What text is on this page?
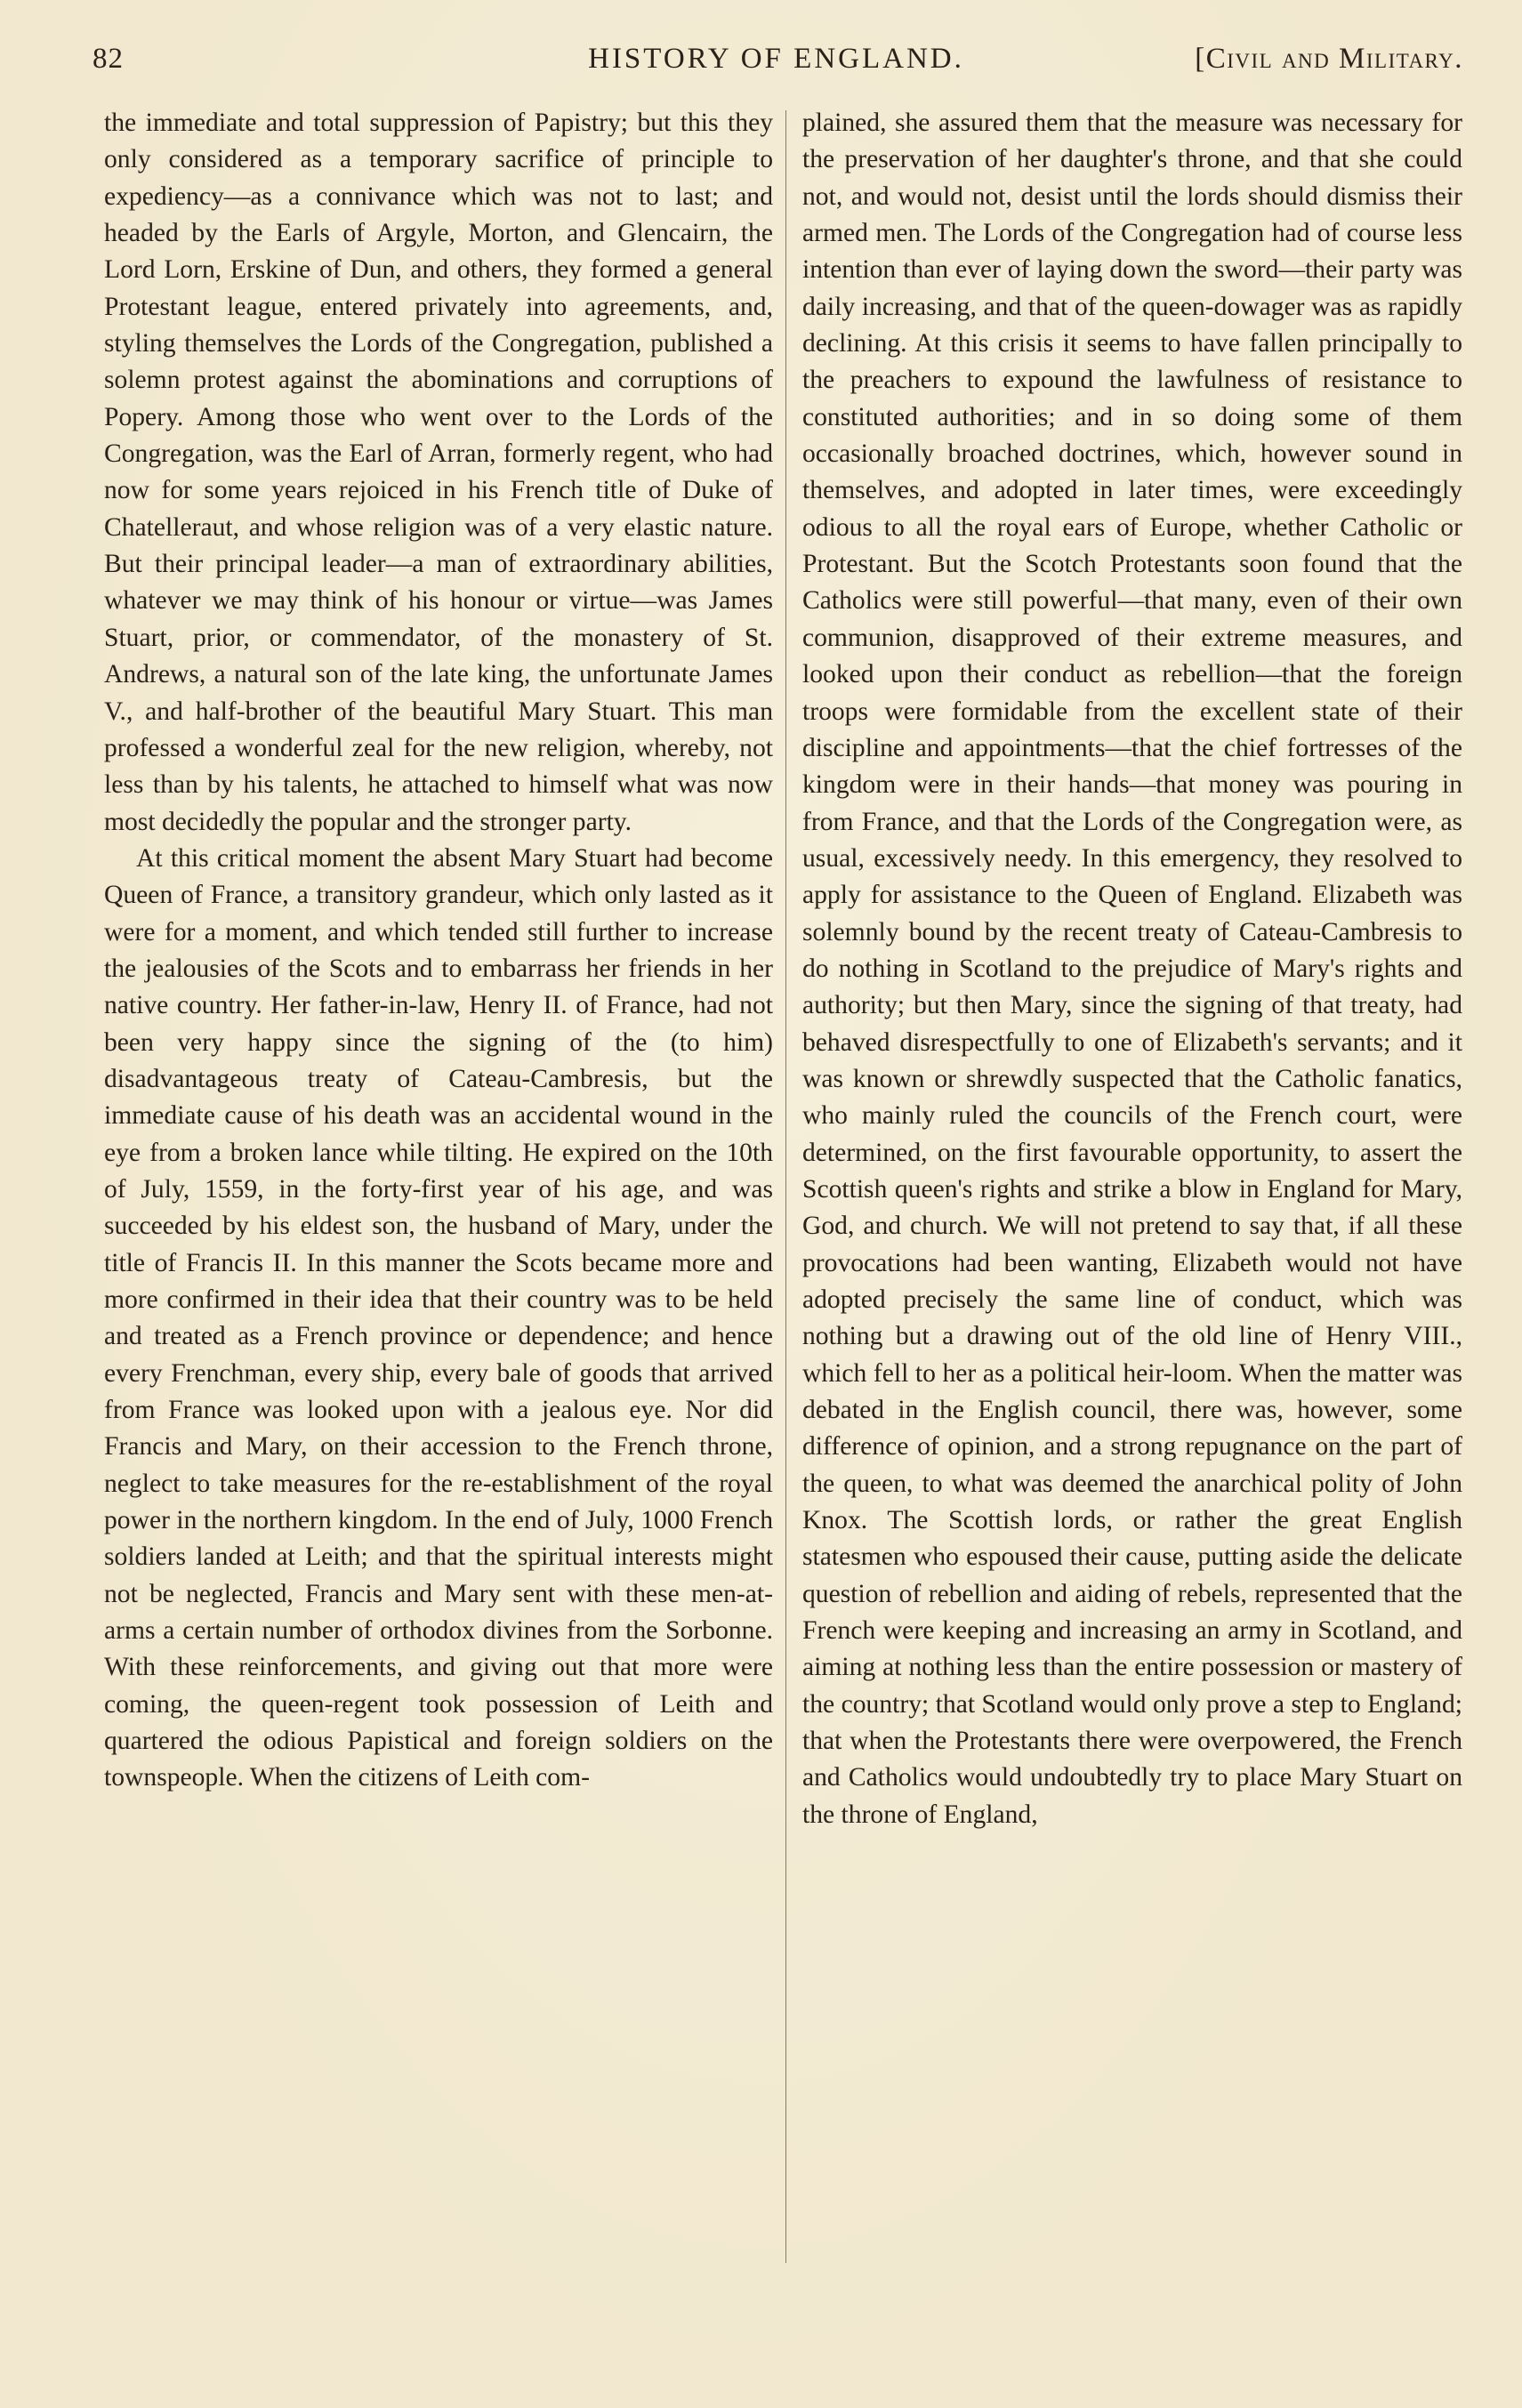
82	HISTORY OF ENGLAND.	[Civil and Military.

the immediate and total suppression of Papistry; but this they only considered as a temporary sacrifice of principle to expediency—as a connivance which was not to last; and headed by the Earls of Argyle, Morton, and Glencairn, the Lord Lorn, Erskine of Dun, and others, they formed a general Protestant league, entered privately into agreements, and, styling themselves the Lords of the Congregation, published a solemn protest against the abominations and corruptions of Popery. Among those who went over to the Lords of the Congregation, was the Earl of Arran, formerly regent, who had now for some years rejoiced in his French title of Duke of Chatelleraut, and whose religion was of a very elastic nature. But their principal leader—a man of extraordinary abilities, whatever we may think of his honour or virtue—was James Stuart, prior, or commendator, of the monastery of St. Andrews, a natural son of the late king, the unfortunate James V., and half-brother of the beautiful Mary Stuart. This man professed a wonderful zeal for the new religion, whereby, not less than by his talents, he attached to himself what was now most decidedly the popular and the stronger party.

At this critical moment the absent Mary Stuart had become Queen of France, a transitory grandeur, which only lasted as it were for a moment, and which tended still further to increase the jealousies of the Scots and to embarrass her friends in her native country. Her father-in-law, Henry II. of France, had not been very happy since the signing of the (to him) disadvantageous treaty of Cateau-Cambresis, but the immediate cause of his death was an accidental wound in the eye from a broken lance while tilting. He expired on the 10th of July, 1559, in the forty-first year of his age, and was succeeded by his eldest son, the husband of Mary, under the title of Francis II. In this manner the Scots became more and more confirmed in their idea that their country was to be held and treated as a French province or dependence; and hence every Frenchman, every ship, every bale of goods that arrived from France was looked upon with a jealous eye. Nor did Francis and Mary, on their accession to the French throne, neglect to take measures for the re-establishment of the royal power in the northern kingdom. In the end of July, 1000 French soldiers landed at Leith; and that the spiritual interests might not be neglected, Francis and Mary sent with these men-at-arms a certain number of orthodox divines from the Sorbonne. With these reinforcements, and giving out that more were coming, the queen-regent took possession of Leith and quartered the odious Papistical and foreign soldiers on the townspeople. When the citizens of Leith com-

plained, she assured them that the measure was necessary for the preservation of her daughter's throne, and that she could not, and would not, desist until the lords should dismiss their armed men. The Lords of the Congregation had of course less intention than ever of laying down the sword—their party was daily increasing, and that of the queen-dowager was as rapidly declining. At this crisis it seems to have fallen principally to the preachers to expound the lawfulness of resistance to constituted authorities; and in so doing some of them occasionally broached doctrines, which, however sound in themselves, and adopted in later times, were exceedingly odious to all the royal ears of Europe, whether Catholic or Protestant. But the Scotch Protestants soon found that the Catholics were still powerful—that many, even of their own communion, disapproved of their extreme measures, and looked upon their conduct as rebellion—that the foreign troops were formidable from the excellent state of their discipline and appointments—that the chief fortresses of the kingdom were in their hands—that money was pouring in from France, and that the Lords of the Congregation were, as usual, excessively needy. In this emergency, they resolved to apply for assistance to the Queen of England. Elizabeth was solemnly bound by the recent treaty of Cateau-Cambresis to do nothing in Scotland to the prejudice of Mary's rights and authority; but then Mary, since the signing of that treaty, had behaved disrespectfully to one of Elizabeth's servants; and it was known or shrewdly suspected that the Catholic fanatics, who mainly ruled the councils of the French court, were determined, on the first favourable opportunity, to assert the Scottish queen's rights and strike a blow in England for Mary, God, and church. We will not pretend to say that, if all these provocations had been wanting, Elizabeth would not have adopted precisely the same line of conduct, which was nothing but a drawing out of the old line of Henry VIII., which fell to her as a political heir-loom. When the matter was debated in the English council, there was, however, some difference of opinion, and a strong repugnance on the part of the queen, to what was deemed the anarchical polity of John Knox. The Scottish lords, or rather the great English statesmen who espoused their cause, putting aside the delicate question of rebellion and aiding of rebels, represented that the French were keeping and increasing an army in Scotland, and aiming at nothing less than the entire possession or mastery of the country; that Scotland would only prove a step to England; that when the Protestants there were overpowered, the French and Catholics would undoubtedly try to place Mary Stuart on the throne of England,
